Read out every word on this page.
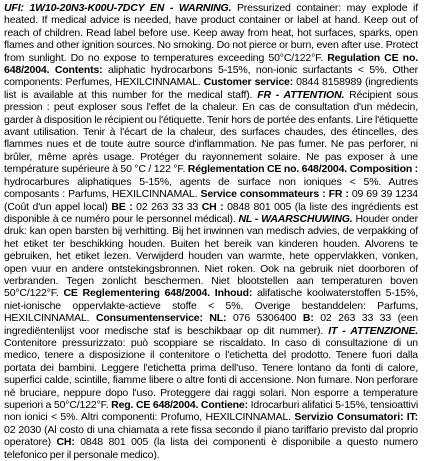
UFI: 1W10-20N3-K00U-7DCY EN - WARNING. Pressurized container: may explode if heated. If medical advice is needed, have product container or label at hand. Keep out of reach of children. Read label before use. Keep away from heat, hot surfaces, sparks, open flames and other ignition sources. No smoking. Do not pierce or burn, even after use. Protect from sunlight. Do no expose to temperatures exceeding 50°C/122°F. Regulation CE no. 648/2004. Contents: aliphatic hydrocarbons 5-15%, non-ionic surfactants < 5%. Other components: Perfumes, HEXILCINNAMAL. Customer service: 0844 8158989 (ingredients list is available at this number for the medical staff). FR - ATTENTION. Récipient sous pression : peut exploser sous l'effet de la chaleur. En cas de consultation d'un médecin, garder à disposition le récipient ou l'étiquette. Tenir hors de portée des enfants. Lire l'étiquette avant utilisation. Tenir à l'écart de la chaleur, des surfaces chaudes, des étincelles, des flammes nues et de toute autre source d'inflammation. Ne pas fumer. Ne pas perforer, ni brûler, même après usage. Protéger du rayonnement solaire. Ne pas exposer à une température supérieure à 50 °C / 122 °F. Réglementation CE no. 648/2004. Composition : hydrocarbures aliphatiques 5-15%, agents de surface non ioniques < 5%. Autres composants : Parfums, HEXILCINNAMAL. Service consommateurs : FR : 09 69 39 1234 (Coût d'un appel local) BE : 02 263 33 33 CH : 0848 801 005 (la liste des ingrédients est disponible à ce numéro pour le personnel médical). NL - WAARSCHUWING. Houder onder druk: kan open barsten bij verhitting. Bij het inwinnen van medisch advies, de verpakking of het etiket ter beschikking houden. Buiten het bereik van kinderen houden. Alvorens te gebruiken, het etiket lezen. Verwijderd houden van warmte, hete oppervlakken, vonken, open vuur en andere ontstekingsbronnen. Niet roken. Ook na gebruik niet doorboren of verbranden. Tegen zonlicht beschermen. Niet blootstellen aan temperaturen boven 50°C/122°F. CE Reglementering 648/2004. Inhoud: alifatische koolwaterstoffen 5-15%, niet-ionische oppervlakte-actieve stoffe < 5%. Overige bestanddelen: Parfums, HEXILCINNAMAL. Consumentenservice: NL: 076 5306400 B: 02 263 33 33 (een ingrediëntenlijst voor medische staf is beschikbaar op dit nummer). IT - ATTENZIONE. Contenitore pressurizzato: può scoppiare se riscaldato. In caso di consultazione di un medico, tenere a disposizione il contenitore o l'etichetta del prodotto. Tenere fuori dalla portata dei bambini. Leggere l'etichetta prima dell'uso. Tenere lontano da fonti di calore, superfici calde, scintille, fiamme libere o altre fonti di accensione. Non fumare. Non perforare né bruciare, neppure dopo l'uso. Proteggere dai raggi solari. Non esporre a temperature superiori a 50°C/122°F. Reg. CE 648/2004. Contiene: Idrocarburi alifatici 5-15%, tensioattivi non ionici < 5%. Altri componenti: Profumo, HEXILCINNAMAL. Servizio Consumatori: IT: 02 2030 (Al costo di una chiamata a rete fissa secondo il piano tariffario previsto dal proprio operatore) CH: 0848 801 005 (la lista dei componenti è disponibile a questo numero telefonico per il personale medico).
